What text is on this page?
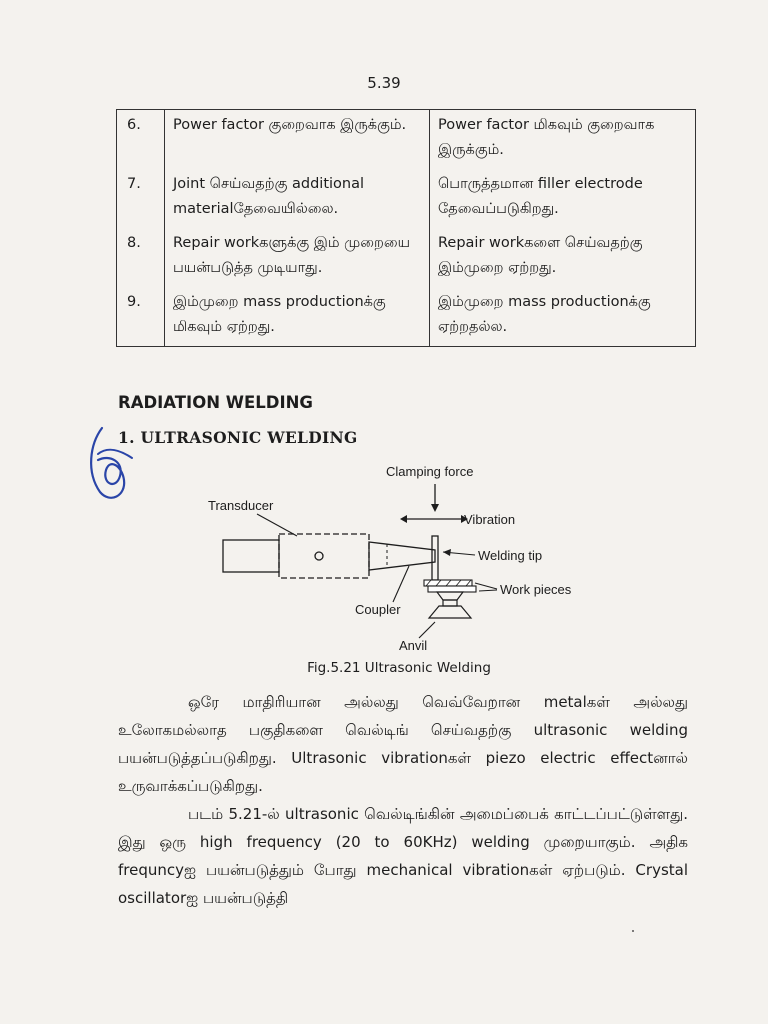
5.39
6.	Power factor குறைவாக இருக்கும்.	Power factor மிகவும் குறைவாக இருக்கும்.
7.	Joint செய்வதற்கு additional materialதேவையில்லை.	பொருத்தமான filler electrode தேவைப்படுகிறது.
8.	Repair workகளுக்கு இம் முறையை பயன்படுத்த முடியாது.	Repair workகளை செய்வதற்கு இம்முறை ஏற்றது.
9.	இம்முறை mass productionக்கு மிகவும் ஏற்றது.	இம்முறை mass productionக்கு ஏற்றதல்ல.
RADIATION WELDING
1. ULTRASONIC WELDING
Clamping force
Vibration
Transducer
Welding tip
Work pieces
Anvil
Coupler
Fig.5.21 Ultrasonic Welding

ஒரே மாதிரியான அல்லது வெவ்வேறான metalகள் அல்லது உலோகமல்லாத பகுதிகளை வெல்டிங் செய்வதற்கு ultrasonic welding பயன்படுத்தப்படுகிறது. Ultrasonic vibrationகள் piezo electric effectனால் உருவாக்கப்படுகிறது.

படம் 5.21-ல் ultrasonic வெல்டிங்கின் அமைப்பைக் காட்டப்பட்டுள்ளது. இது ஒரு high frequency (20 to 60KHz) welding முறையாகும். அதிக frequncyஐ பயன்படுத்தும் போது mechanical vibrationகள் ஏற்படும். Crystal oscillatorஐ பயன்படுத்தி
